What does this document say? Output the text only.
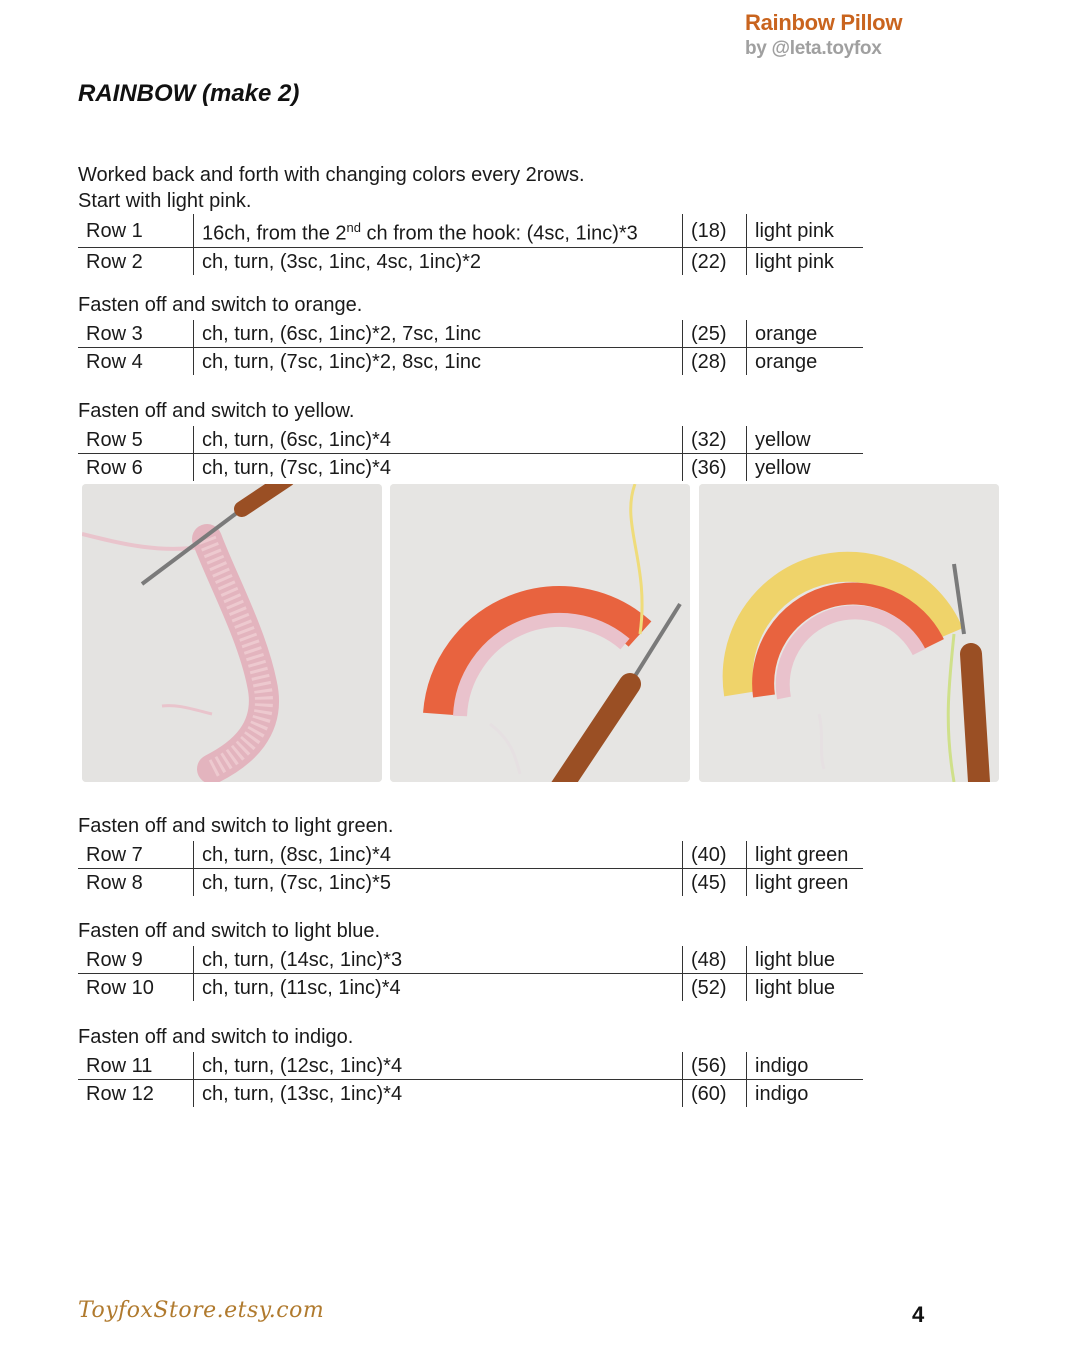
Rainbow Pillow
by @leta.toyfox
RAINBOW (make 2)
Worked back and forth with changing colors every 2rows.
Start with light pink.
Row 1	16ch, from the 2nd ch from the hook: (4sc, 1inc)*3	(18)	light pink
Row 2	ch, turn, (3sc, 1inc, 4sc, 1inc)*2	(22)	light pink
Fasten off and switch to orange.
Row 3	ch, turn, (6sc, 1inc)*2, 7sc, 1inc	(25)	orange
Row 4	ch, turn, (7sc, 1inc)*2, 8sc, 1inc	(28)	orange
Fasten off and switch to yellow.
Row 5	ch, turn, (6sc, 1inc)*4	(32)	yellow
Row 6	ch, turn, (7sc, 1inc)*4	(36)	yellow
Fasten off and switch to light green.
Row 7	ch, turn, (8sc, 1inc)*4	(40)	light green
Row 8	ch, turn, (7sc, 1inc)*5	(45)	light green
Fasten off and switch to light blue.
Row 9	ch, turn, (14sc, 1inc)*3	(48)	light blue
Row 10	ch, turn, (11sc, 1inc)*4	(52)	light blue
Fasten off and switch to indigo.
Row 11	ch, turn, (12sc, 1inc)*4	(56)	indigo
Row 12	ch, turn, (13sc, 1inc)*4	(60)	indigo
ToyfoxStore.etsy.com	4
